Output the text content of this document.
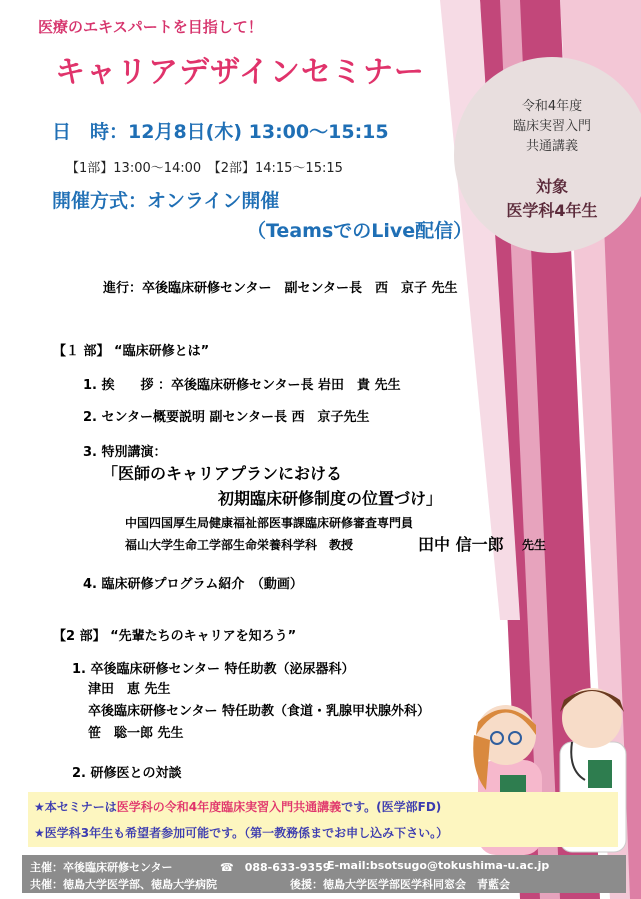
医療のエキスパートを目指して！
キャリアデザインセミナー
日　時：12月8日(木) 13:00〜15:15
【1部】13:00〜14:00　【2部】14:15〜15:15
開催方式：オンライン開催
（TeamsでのLive配信）
令和4年度
臨床実習入門
共通講義
対象
医学科4年生
進行：卒後臨床研修センター　副センター長　西　京子 先生
【１ 部】 “臨床研修とは”
1. 挨　　拶 ：卒後臨床研修センター長 岩田　貴 先生
2. センター概要説明 副センター長 西　京子先生
3. 特別講演：
「医師のキャリアプランにおける
初期臨床研修制度の位置づけ」
中国四国厚生局健康福祉部医事課臨床研修審査専門員
福山大学生命工学部生命栄養科学科　教授	田中 信一郎 先生
4. 臨床研修プログラム紹介　（動画）
【2 部】 “先輩たちのキャリアを知ろう”
1. 卒後臨床研修センター 特任助教（泌尿器科）
津田　恵 先生
卒後臨床研修センター 特任助教（食道・乳腺甲状腺外科）
笹　聡一郎 先生
2. 研修医との対談
★本セミナーは医学科の令和4年度臨床実習入門共通講義です。(医学部FD)
★医学科3年生も希望者参加可能です。（第一教務係までお申し込み下さい。）
主催：卒後臨床研修センター	☎　088-633-9359
E-mail:bsotsugo@tokushima-u.ac.jp
共催：徳島大学医学部、徳島大学病院	後援：徳島大学医学部医学科同窓会　青藍会
